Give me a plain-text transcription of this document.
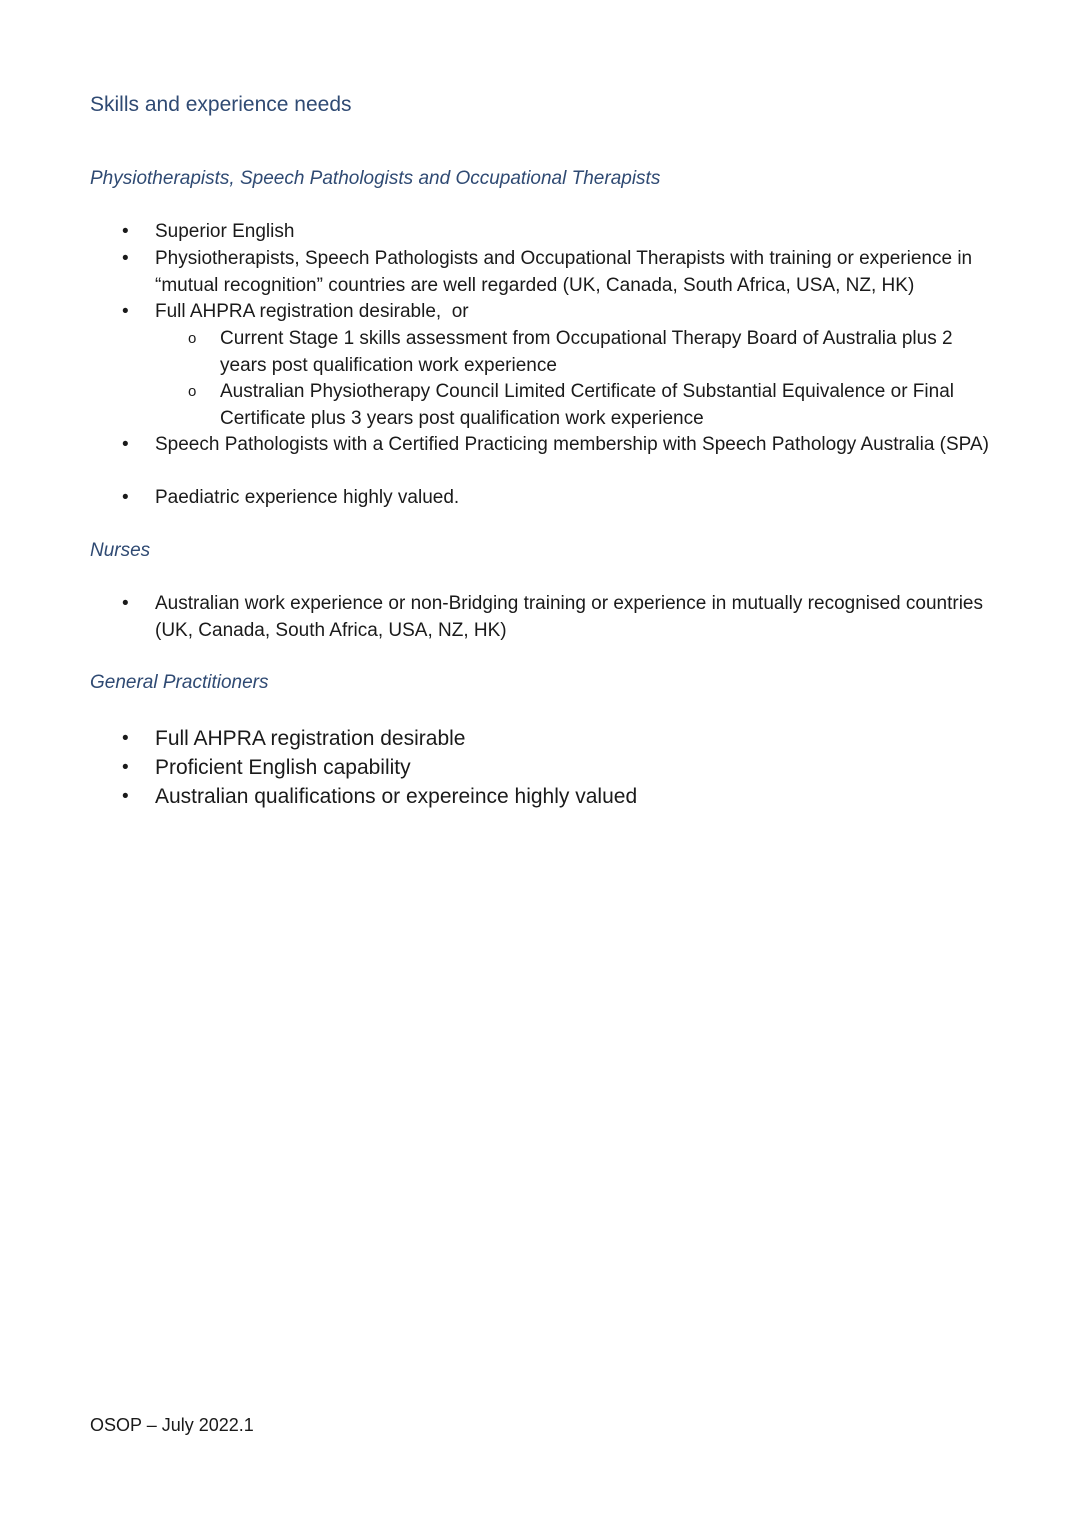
Skills and experience needs
Physiotherapists, Speech Pathologists and Occupational Therapists
• Superior English
• Physiotherapists, Speech Pathologists and Occupational Therapists with training or experience in “mutual recognition” countries are well regarded (UK, Canada, South Africa, USA, NZ, HK)
• Full AHPRA registration desirable,  or
o Current Stage 1 skills assessment from Occupational Therapy Board of Australia plus 2 years post qualification work experience
o Australian Physiotherapy Council Limited Certificate of Substantial Equivalence or Final Certificate plus 3 years post qualification work experience
• Speech Pathologists with a Certified Practicing membership with Speech Pathology Australia (SPA)
• Paediatric experience highly valued.
Nurses
• Australian work experience or non-Bridging training or experience in mutually recognised countries (UK, Canada, South Africa, USA, NZ, HK)
General Practitioners
• Full AHPRA registration desirable
• Proficient English capability
• Australian qualifications or expereince highly valued
OSOP – July 2022.1
